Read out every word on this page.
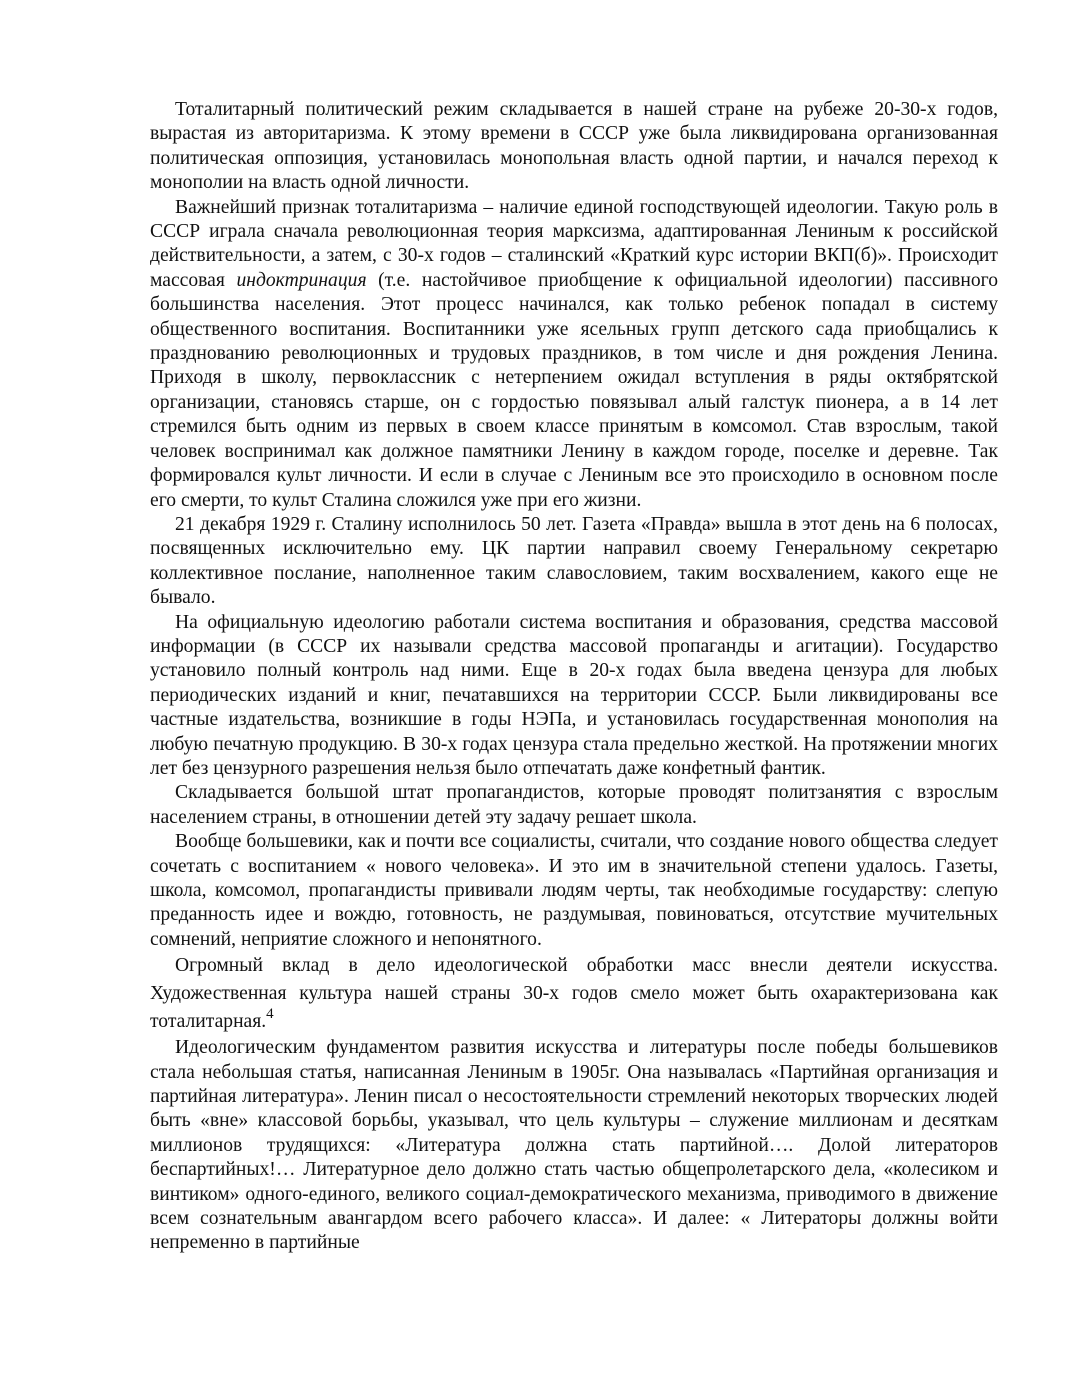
Тоталитарный политический режим складывается в нашей стране на рубеже 20-30-х годов, вырастая из авторитаризма. К этому времени в СССР уже была ликвидирована организованная политическая оппозиция, установилась монопольная власть одной партии, и начался переход к монополии на власть одной личности.

Важнейший признак тоталитаризма – наличие единой господствующей идеологии. Такую роль в СССР играла сначала революционная теория марксизма, адаптированная Лениным к российской действительности, а затем, с 30-х годов – сталинский «Краткий курс истории ВКП(б)». Происходит массовая индоктринация (т.е. настойчивое приобщение к официальной идеологии) пассивного большинства населения. Этот процесс начинался, как только ребенок попадал в систему общественного воспитания. Воспитанники уже ясельных групп детского сада приобщались к празднованию революционных и трудовых праздников, в том числе и дня рождения Ленина. Приходя в школу, первоклассник с нетерпением ожидал вступления в ряды октябрятской организации, становясь старше, он с гордостью повязывал алый галстук пионера, а в 14 лет стремился быть одним из первых в своем классе принятым в комсомол. Став взрослым, такой человек воспринимал как должное памятники Ленину в каждом городе, поселке и деревне. Так формировался культ личности. И если в случае с Лениным все это происходило в основном после его смерти, то культ Сталина сложился уже при его жизни.

21 декабря 1929 г. Сталину исполнилось 50 лет. Газета «Правда» вышла в этот день на 6 полосах, посвященных исключительно ему. ЦК партии направил своему Генеральному секретарю коллективное послание, наполненное таким славословием, таким восхвалением, какого еще не бывало.

На официальную идеологию работали система воспитания и образования, средства массовой информации (в СССР их называли средства массовой пропаганды и агитации). Государство установило полный контроль над ними. Еще в 20-х годах была введена цензура для любых периодических изданий и книг, печатавшихся на территории СССР. Были ликвидированы все частные издательства, возникшие в годы НЭПа, и установилась государственная монополия на любую печатную продукцию. В 30-х годах цензура стала предельно жесткой. На протяжении многих лет без цензурного разрешения нельзя было отпечатать даже конфетный фантик.

Складывается большой штат пропагандистов, которые проводят политзанятия с взрослым населением страны, в отношении детей эту задачу решает школа.

Вообще большевики, как и почти все социалисты, считали, что создание нового общества следует сочетать с воспитанием « нового человека». И это им в значительной степени удалось. Газеты, школа, комсомол, пропагандисты прививали людям черты, так необходимые государству: слепую преданность идее и вождю, готовность, не раздумывая, повиноваться, отсутствие мучительных сомнений, неприятие сложного и непонятного.

Огромный вклад в дело идеологической обработки масс внесли деятели искусства. Художественная культура нашей страны 30-х годов смело может быть охарактеризована как тоталитарная.$^4$

Идеологическим фундаментом развития искусства и литературы после победы большевиков стала небольшая статья, написанная Лениным в 1905г. Она называлась «Партийная организация и партийная литература». Ленин писал о несостоятельности стремлений некоторых творческих людей быть «вне» классовой борьбы, указывал, что цель культуры – служение миллионам и десяткам миллионов трудящихся: «Литература должна стать партийной…. Долой литераторов беспартийных!… Литературное дело должно стать частью общепролетарского дела, «колесиком и винтиком» одного-единого, великого социал-демократического механизма, приводимого в движение всем сознательным авангардом всего рабочего класса». И далее: « Литераторы должны войти непременно в партийные
